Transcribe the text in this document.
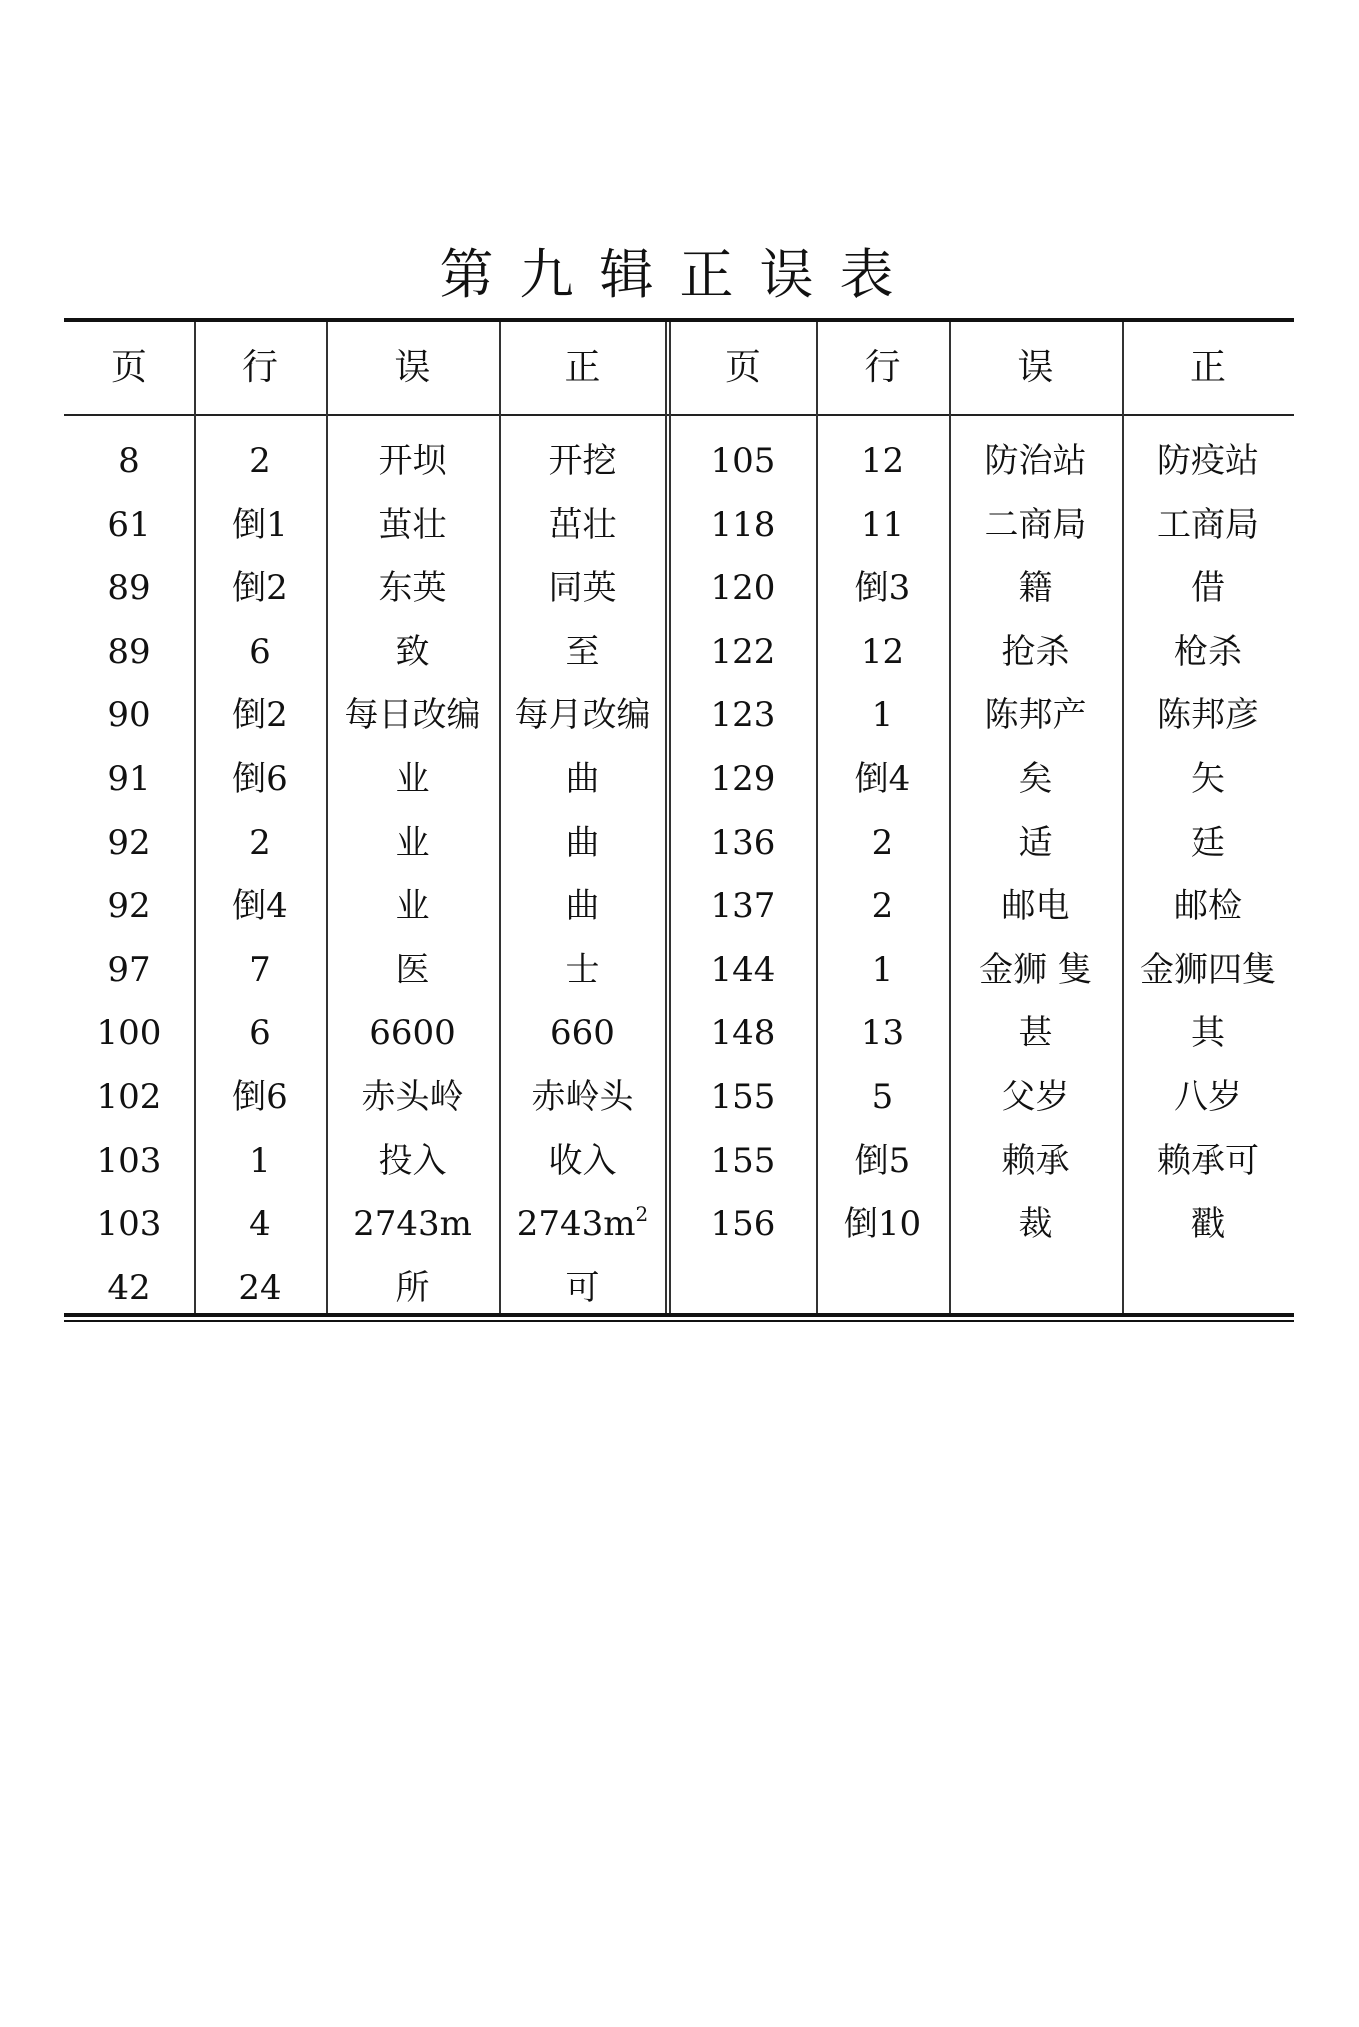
第九辑正误表
页	行	误	正	页	行	误	正
8	2	开坝	开挖	105	12	防治站	防疫站
61	倒1	茧壮	茁壮	118	11	二商局	工商局
89	倒2	东英	同英	120	倒3	籍	借
89	6	致	至	122	12	抢杀	枪杀
90	倒2	每日改编	每月改编	123	1	陈邦产	陈邦彦
91	倒6	业	曲	129	倒4	矣	矢
92	2	业	曲	136	2	适	廷
92	倒4	业	曲	137	2	邮电	邮检
97	7	医	士	144	1	金狮 隻	金狮四隻
100	6	6600	660	148	13	甚	其
102	倒6	赤头岭	赤岭头	155	5	父岁	八岁
103	1	投入	收入	155	倒5	赖承	赖承可
103	4	2743m	$2743m^2$	156	倒10	裁	戳
42	24	所	可
